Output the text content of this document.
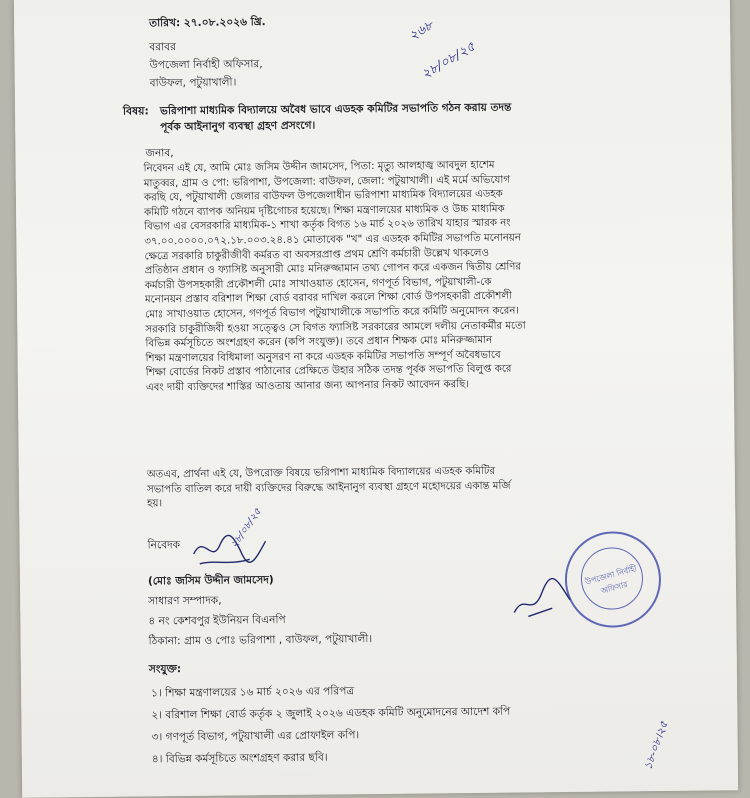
তারিখ: ২৭.০৮.২০২৬ খ্রি.
বরাবর
উপজেলা নির্বাহী অফিসার,
বাউফল, পটুয়াখালী।
২৬৮
২৮/০৮/২৫
বিষয়: ভরিপাশা মাধ্যমিক বিদ্যালয়ে অবৈধ ভাবে এডহক কমিটির সভাপতি গঠন করায় তদন্ত
পূর্বক আইনানুগ ব্যবস্থা গ্রহণ প্রসংগে।
জনাব,
নিবেদন এই যে, আমি মোঃ জসিম উদ্দীন জামসেদ, পিতা: মৃত্যু আলহাজ্ব আবদুল হাশেম
মাতুব্বর, গ্রাম ও পো: ভরিপাশা, উপজেলা: বাউফল, জেলা: পটুয়াখালী। এই মর্মে অভিযোগ
করছি যে, পটুয়াখালী জেলার বাউফল উপজেলাধীন ভরিপাশা মাধ্যমিক বিদ্যালয়ের এডহক
কমিটি গঠনে ব্যাপক অনিয়ম দৃষ্টিগোচর হয়েছে। শিক্ষা মন্ত্রণালয়ের মাধ্যমিক ও উচ্চ মাধ্যমিক
বিভাগ এর বেসরকারি মাধ্যমিক-১ শাখা কর্তৃক বিগত ১৬ মার্চ ২০২৬ তারিখ যাহার স্মারক নং
৩৭.০০.০০০০.০৭২.১৮.০০৩.২৪.৪১ মোতাবেক "খ" এর এডহক কমিটির সভাপতি মনোনয়ন
ক্ষেত্রে সরকারি চাকুরীজীবী কর্মরত বা অবসরপ্রাপ্ত প্রথম শ্রেণি কর্মচারী উল্লেখ থাকলেও
প্রতিষ্ঠান প্রধান ও ফ্যাসিষ্ট অনুসারী মোঃ মনিরুজ্জামান তথ্য গোপন করে একজন দ্বিতীয় শ্রেণির
কর্মচারী উপসহকারী প্রকৌশলী মোঃ সাখাওয়াত হোসেন, গণপূর্ত বিভাগ, পটুয়াখালী-কে
মনোনয়ন প্রস্তাব বরিশাল শিক্ষা বোর্ড বরাবর দাখিল করলে শিক্ষা বোর্ড উপসহকারী প্রকৌশলী
মোঃ সাখাওয়াত হোসেন, গণপূর্ত বিভাগ পটুয়াখালীকে সভাপতি করে কমিটি অনুমোদন করেন।
সরকারি চাকুরীজিবী হওয়া সত্ত্বেও সে বিগত ফ্যাসিষ্ট সরকারের আমলে দলীয় নেতাকর্মীর মতো
বিভিন্ন কর্মসূচিতে অংশগ্রহণ করেন (কপি সংযুক্ত)। তবে প্রধান শিক্ষক মোঃ মনিরুজ্জামান
শিক্ষা মন্ত্রণালয়ের বিধিমালা অনুসরণ না করে এডহক কমিটির সভাপতি সম্পূর্ণ অবৈধভাবে
শিক্ষা বোর্ডের নিকট প্রস্তাব পাঠানোর প্রেক্ষিতে উহার সঠিক তদন্ত পূর্বক সভাপতি বিলুপ্ত করে
এবং দায়ী ব্যক্তিদের শাস্তির আওতায় আনার জন্য আপনার নিকট আবেদন করছি।
অতএব, প্রার্থনা এই যে, উপরোক্ত বিষয়ে ভরিপাশা মাধ্যমিক বিদ্যালয়ের এডহক কমিটির
সভাপতি বাতিল করে দায়ী ব্যক্তিদের বিরুদ্ধে আইনানুগ ব্যবস্থা গ্রহণে মহোদয়ের একান্ত মর্জি
হয়।
নিবেদক	২৮/০৮/২৫
(মোঃ জসিম উদ্দীন জামসেদ)
সাধারণ সম্পাদক,
৪ নং কেশবপুর ইউনিয়ন বিএনপি
ঠিকানা: গ্রাম ও পোঃ ভরিপাশা , বাউফল, পটুয়াখালী।
উপজেলা নির্বাহী অফিসার
সংযুক্ত:
১। শিক্ষা মন্ত্রণালয়ের ১৬ মার্চ ২০২৬ এর পরিপত্র
২। বরিশাল শিক্ষা বোর্ড কর্তৃক ২ জুলাই ২০২৬ এডহক কমিটি অনুমোদনের আদেশ কপি
৩। গণপূর্ত বিভাগ, পটুয়াখালী এর প্রোফাইল কপি।
৪। বিভিন্ন কর্মসূচিতে অংশগ্রহণ করার ছবি।	১৮-০৮।২৫
